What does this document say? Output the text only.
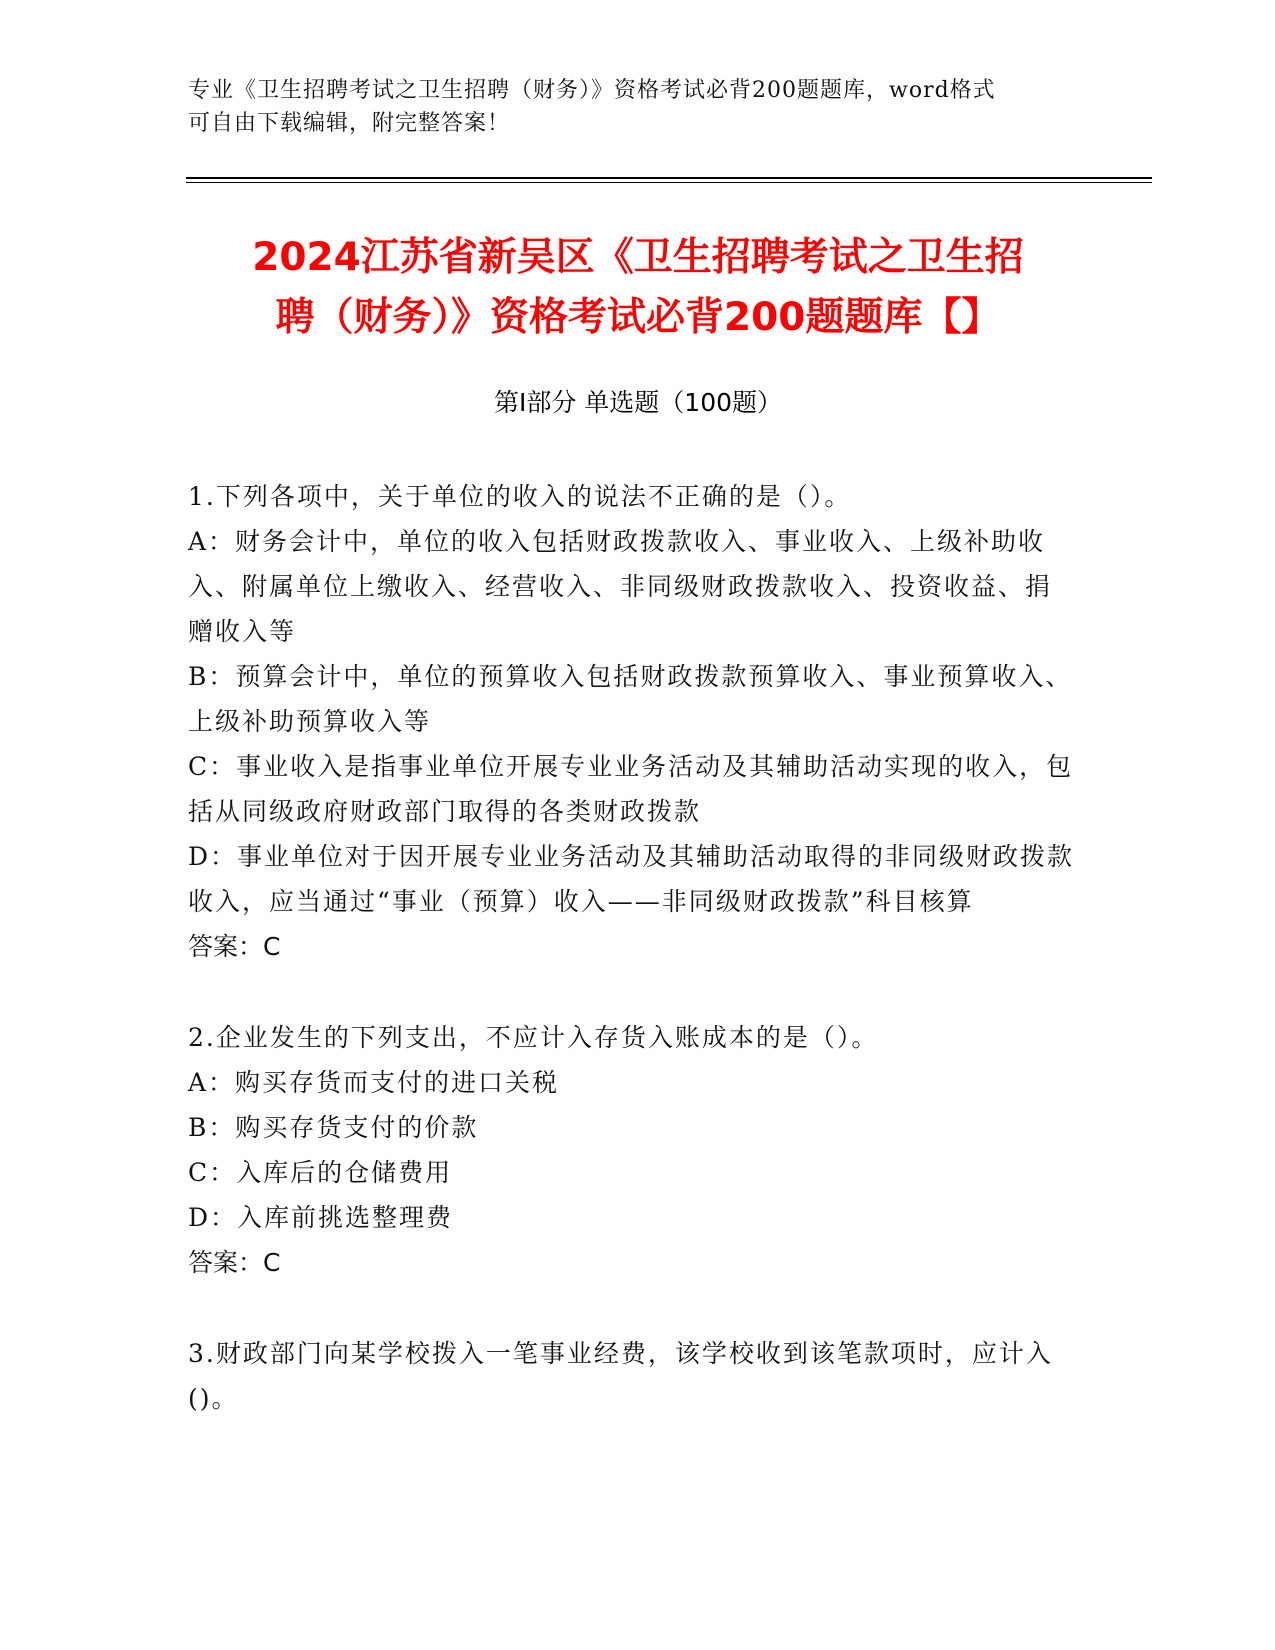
专业《卫生招聘考试之卫生招聘（财务）》资格考试必背200题题库，word格式
可自由下载编辑，附完整答案！
2024江苏省新吴区《卫生招聘考试之卫生招
聘（财务）》资格考试必背200题题库【】
第I部分 单选题（100题）

1.下列各项中，关于单位的收入的说法不正确的是（）。

A：财务会计中，单位的收入包括财政拨款收入、事业收入、上级补助收入、附属单位上缴收入、经营收入、非同级财政拨款收入、投资收益、捐赠收入等

B：预算会计中，单位的预算收入包括财政拨款预算收入、事业预算收入、上级补助预算收入等

C：事业收入是指事业单位开展专业业务活动及其辅助活动实现的收入，包括从同级政府财政部门取得的各类财政拨款

D：事业单位对于因开展专业业务活动及其辅助活动取得的非同级财政拨款收入，应当通过“事业（预算）收入——非同级财政拨款”科目核算

答案：C

2.企业发生的下列支出，不应计入存货入账成本的是（）。

A：购买存货而支付的进口关税

B：购买存货支付的价款

C：入库后的仓储费用

D：入库前挑选整理费

答案：C

3.财政部门向某学校拨入一笔事业经费，该学校收到该笔款项时，应计入()。
